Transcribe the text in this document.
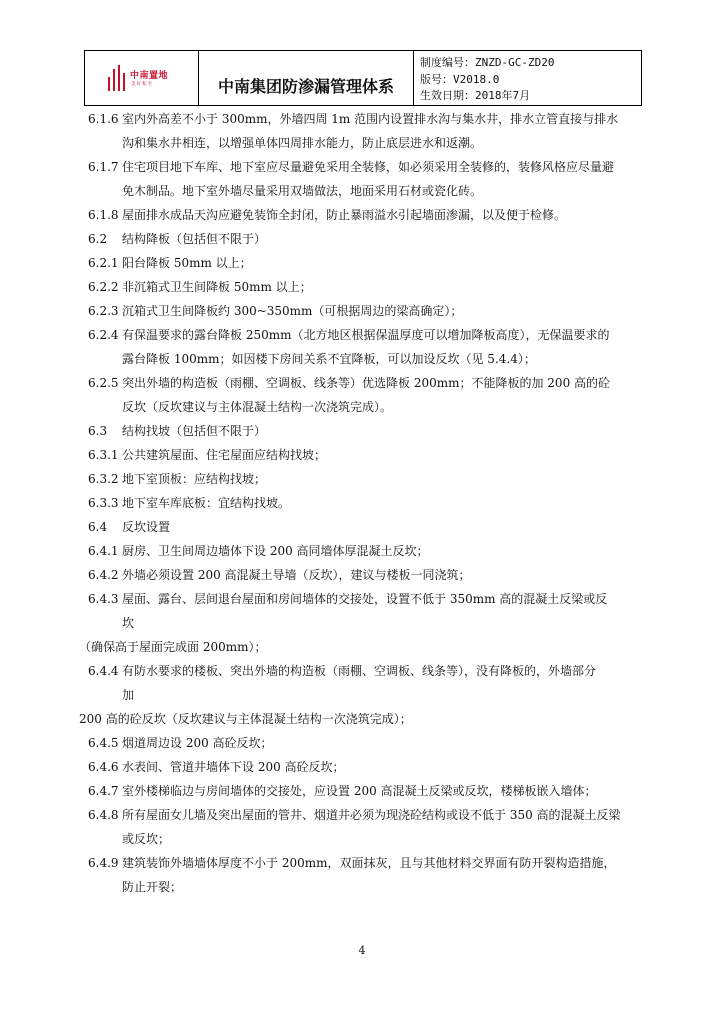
中南置地
美好私宅	中南集团防渗漏管理体系
制度编号：ZNZD-GC-ZD20
版号：V2018.0
生效日期：2018年7月
6.1.6 室内外高差不小于 300mm，外墙四周 1m 范围内设置排水沟与集水井，排水立管直接与排水
沟和集水井相连，以增强单体四周排水能力，防止底层进水和返潮。
6.1.7 住宅项目地下车库、地下室应尽量避免采用全装修，如必须采用全装修的，装修风格应尽量避
免木制品。地下室外墙尽量采用双墙做法，地面采用石材或瓷化砖。
6.1.8 屋面排水成品天沟应避免装饰全封闭，防止暴雨溢水引起墙面渗漏，以及便于检修。
6.2 结构降板（包括但不限于）
6.2.1 阳台降板 50mm 以上；
6.2.2 非沉箱式卫生间降板 50mm 以上；
6.2.3 沉箱式卫生间降板约 300~350mm（可根据周边的梁高确定）；
6.2.4 有保温要求的露台降板 250mm（北方地区根据保温厚度可以增加降板高度），无保温要求的
露台降板 100mm；如因楼下房间关系不宜降板，可以加设反坎（见 5.4.4）；
6.2.5 突出外墙的构造板（雨棚、空调板、线条等）优选降板 200mm；不能降板的加 200 高的砼
反坎（反坎建议与主体混凝土结构一次浇筑完成）。
6.3 结构找坡（包括但不限于）
6.3.1 公共建筑屋面、住宅屋面应结构找坡；
6.3.2 地下室顶板：应结构找坡；
6.3.3 地下室车库底板：宜结构找坡。
6.4 反坎设置
6.4.1 厨房、卫生间周边墙体下设 200 高同墙体厚混凝土反坎；
6.4.2 外墙必须设置 200 高混凝土导墙（反坎），建议与楼板一同浇筑；
6.4.3 屋面、露台、层间退台屋面和房间墙体的交接处，设置不低于 350mm 高的混凝土反梁或反
坎
（确保高于屋面完成面 200mm）；
6.4.4 有防水要求的楼板、突出外墙的构造板（雨棚、空调板、线条等），没有降板的，外墙部分
加
200 高的砼反坎（反坎建议与主体混凝土结构一次浇筑完成）；
6.4.5 烟道周边设 200 高砼反坎；
6.4.6 水表间、管道井墙体下设 200 高砼反坎；
6.4.7 室外楼梯临边与房间墙体的交接处，应设置 200 高混凝土反梁或反坎，楼梯板嵌入墙体；
6.4.8 所有屋面女儿墙及突出屋面的管井、烟道井必须为现浇砼结构或设不低于 350 高的混凝土反梁
或反坎；
6.4.9 建筑装饰外墙墙体厚度不小于 200mm，双面抹灰，且与其他材料交界面有防开裂构造措施，
防止开裂；
4
